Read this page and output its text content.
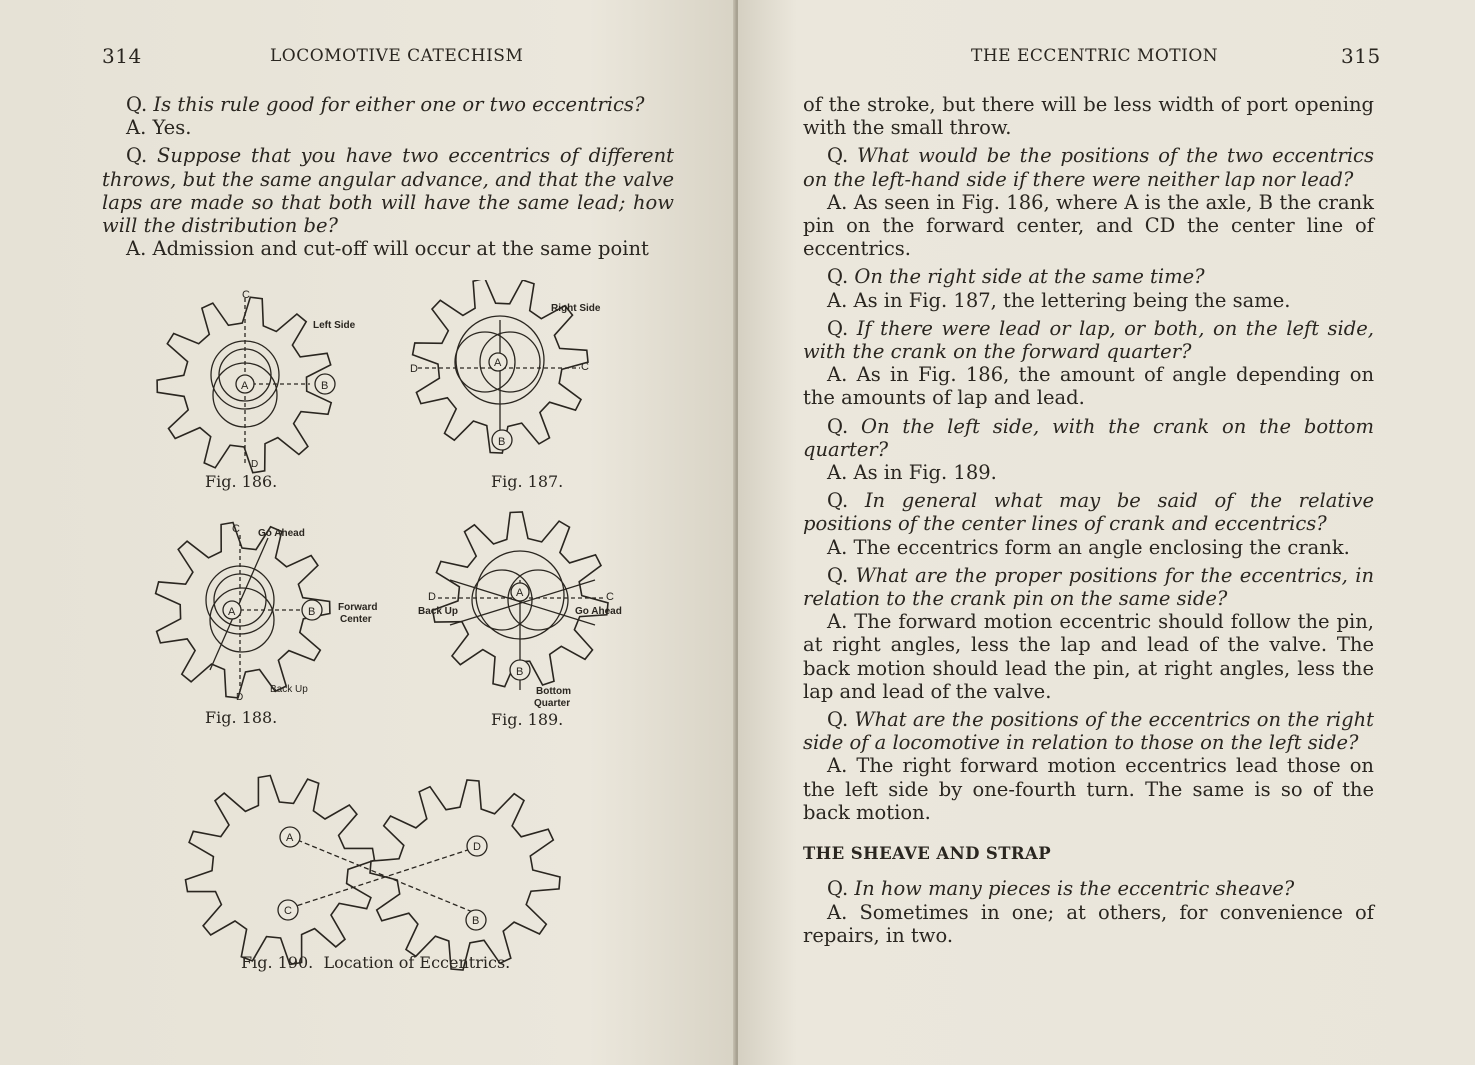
314	LOCOMOTIVE CATECHISM

Q. Is this rule good for either one or two eccentrics?

A. Yes.

Q. Suppose that you have two eccentrics of different throws, but the same angular advance, and that the valve laps are made so that both will have the same lead; how will the distribution be?

A. Admission and cut-off will occur at the same point

A	B
C
D
Left Side
A
B
C
D
Right Side
A	B
C
D
Go Ahead
Forward
Center
Back Up
A
B
C
D
Back Up	Go Ahead
Bottom
Quarter
A
D
C
B
Fig. 186.	Fig. 187.
Fig. 188.	Fig. 189.
Fig. 190. Location of Eccentrics.
THE ECCENTRIC MOTION	315

of the stroke, but there will be less width of port opening with the small throw.

Q. What would be the positions of the two eccentrics on the left-hand side if there were neither lap nor lead?

A. As seen in Fig. 186, where A is the axle, B the crank pin on the forward center, and CD the center line of eccentrics.

Q. On the right side at the same time?

A. As in Fig. 187, the lettering being the same.

Q. If there were lead or lap, or both, on the left side, with the crank on the forward quarter?

A. As in Fig. 186, the amount of angle depending on the amounts of lap and lead.

Q. On the left side, with the crank on the bottom quarter?

A. As in Fig. 189.

Q. In general what may be said of the relative positions of the center lines of crank and eccentrics?

A. The eccentrics form an angle enclosing the crank.

Q. What are the proper positions for the eccentrics, in relation to the crank pin on the same side?

A. The forward motion eccentric should follow the pin, at right angles, less the lap and lead of the valve. The back motion should lead the pin, at right angles, less the lap and lead of the valve.

Q. What are the positions of the eccentrics on the right side of a locomotive in relation to those on the left side?

A. The right forward motion eccentrics lead those on the left side by one-fourth turn. The same is so of the back motion.

THE SHEAVE AND STRAP

Q. In how many pieces is the eccentric sheave?

A. Sometimes in one; at others, for convenience of repairs, in two.
